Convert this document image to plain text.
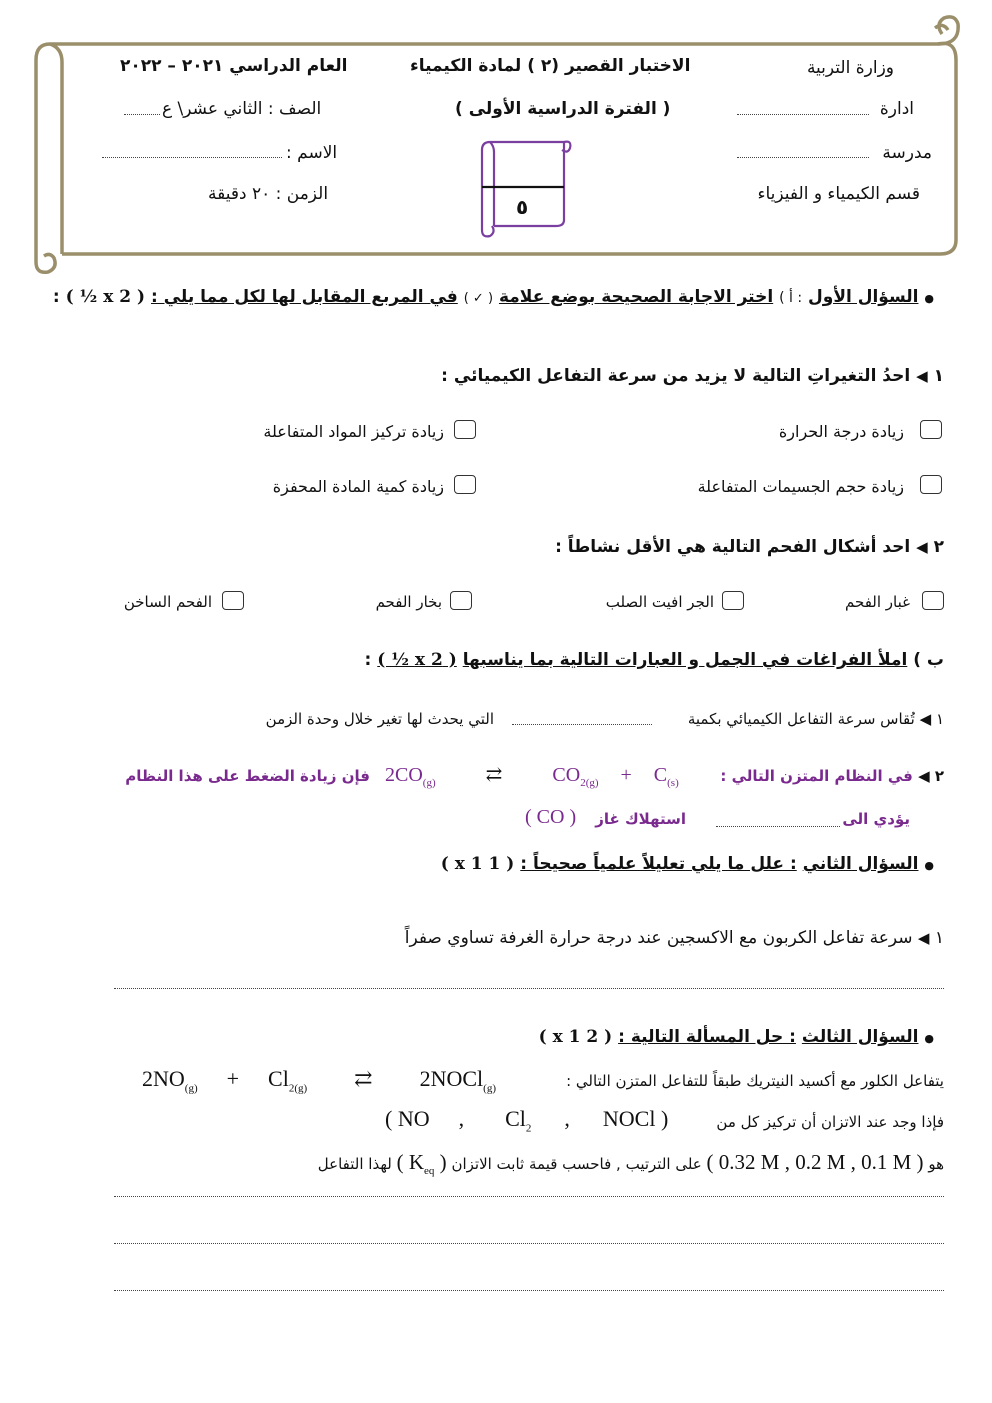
وزارة التربية
ادارة
مدرسة
قسم الكيمياء و الفيزياء
الاختبار القصير (٢ ) لمادة الكيمياء
( الفترة الدراسية الأولى )
٥
العام الدراسي ٢٠٢١ – ٢٠٢٢
الصف : الثاني عشر\ ع
الاسم :
الزمن : ٢٠ دقيقة
● السؤال الأول : أ ) اختر الاجابة الصحيحة بوضع علامة ( ✓ ) في المربع المقابل لها لكل مما يلي : ( 2 x ½ ) :
١ ◀ احدُ التغيراتِ التالية لا يزيد من سرعة التفاعل الكيميائي :
زيادة درجة الحرارة
زيادة تركيز المواد المتفاعلة
زيادة حجم الجسيمات المتفاعلة
زيادة كمية المادة المحفزة
٢ ◀ احد أشكال الفحم التالية هي الأقل نشاطاً :
غبار الفحم
الجر افيت الصلب
بخار الفحم
الفحم الساخن
ب ) املأ الفراغات في الجمل و العبارات التالية بما يناسبها ( 2 x ½ ) :
١ ◀ تُقاس سرعة التفاعل الكيميائي بكمية
التي يحدث لها تغير خلال وحدة الزمن
٢ ◀ في النظام المتزن التالي :
$2CO_{(g)}$	⇄	$CO_{2(g)} + C_{(s)}$
فإن زيادة الضغط على هذا النظام
يؤدي الى
استهلاك غاز
( CO )
● السؤال الثاني : علل ما يلي تعليلاً علمياً صحيحاً : ( 1 x 1 )
١ ◀ سرعة تفاعل الكربون مع الاكسجين عند درجة حرارة الغرفة تساوي صفراً
● السؤال الثالث : حل المسألة التالية : ( 2 x 1 )
يتفاعل الكلور مع أكسيد النيتريك طبقاً للتفاعل المتزن التالي :
$2NO_{(g)} + Cl_{2(g)}$ ⇄ 2NOCl$_{(g)}$
فإذا وجد عند الاتزان أن تركيز كل من
( NO , $Cl_2$ , NOCl )
هو ( 0.32 M , 0.2 M , 0.1 M ) على الترتيب , فاحسب قيمة ثابت الاتزان ( $K_{eq}$ ) لهذا التفاعل
